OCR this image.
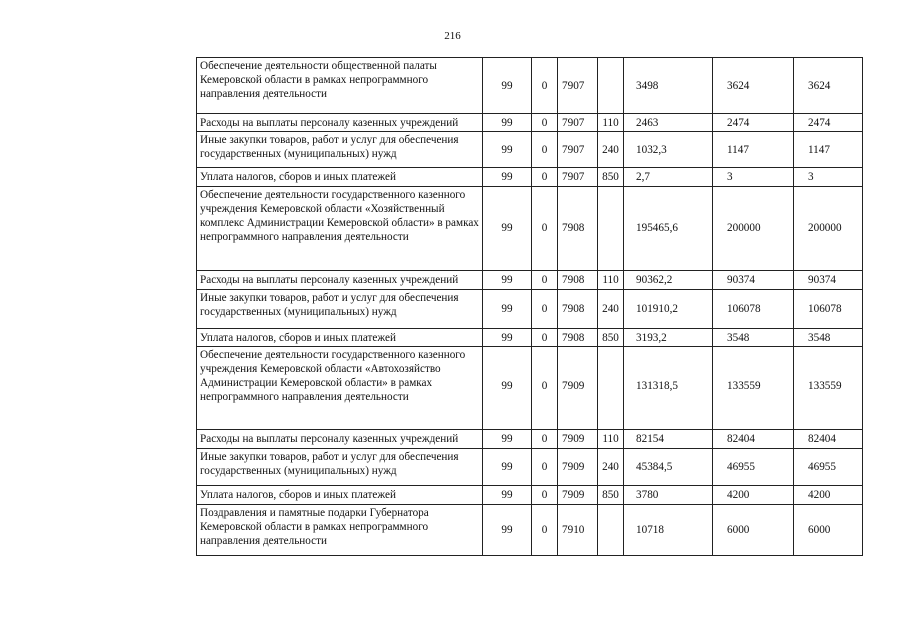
216
Обеспечение деятельности общественной палаты Кемеровской области в рамках непрограммного направления деятельности	99	0	7907		3498	3624	3624
Расходы на выплаты персоналу казенных учреждений	99	0	7907	110	2463	2474	2474
Иные закупки товаров, работ и услуг для обеспечения государственных (муниципальных) нужд	99	0	7907	240	1032,3	1147	1147
Уплата налогов, сборов и иных платежей	99	0	7907	850	2,7	3	3
Обеспечение деятельности государственного казенного учреждения Кемеровской области «Хозяйственный комплекс Администрации Кемеровской области» в рамках непрограммного направления деятельности	99	0	7908		195465,6	200000	200000

Расходы на выплаты персоналу казенных учреждений	99	0	7908	110	90362,2	90374	90374
Иные закупки товаров, работ и услуг для обеспечения государственных (муниципальных) нужд	99	0	7908	240	101910,2	106078	106078
Уплата налогов, сборов и иных платежей	99	0	7908	850	3193,2	3548	3548
Обеспечение деятельности государственного казенного учреждения Кемеровской области «Автохозяйство Администрации Кемеровской области» в рамках непрограммного направления деятельности	99	0	7909		131318,5	133559	133559

Расходы на выплаты персоналу казенных учреждений	99	0	7909	110	82154	82404	82404
Иные закупки товаров, работ и услуг для обеспечения государственных (муниципальных) нужд	99	0	7909	240	45384,5	46955	46955
Уплата налогов, сборов и иных платежей	99	0	7909	850	3780	4200	4200
Поздравления и памятные подарки Губернатора Кемеровской области в рамках непрограммного направления деятельности	99	0	7910		10718	6000	6000
